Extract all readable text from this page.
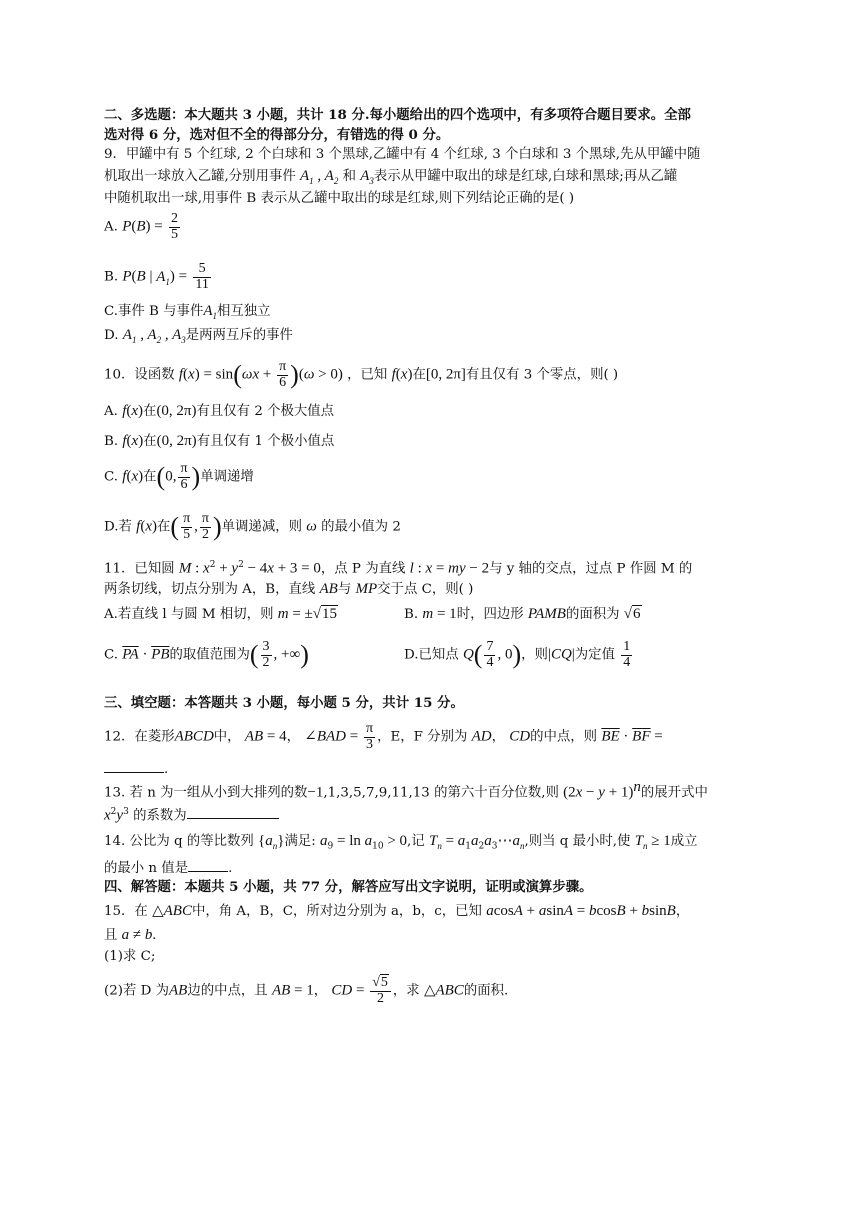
二、多选题：本大题共 3 小题，共计 18 分.每小题给出的四个选项中，有多项符合题目要求。全部
选对得 6 分，选对但不全的得部分分，有错选的得 0 分。
9．甲罐中有 5 个红球, 2 个白球和 3 个黑球,乙罐中有 4 个红球, 3 个白球和 3 个黑球,先从甲罐中随
机取出一球放入乙罐,分别用事件 $A_1$ , $A_2$ 和 $A_3$表示从甲罐中取出的球是红球,白球和黑球;再从乙罐
中随机取出一球,用事件 B 表示从乙罐中取出的球是红球,则下列结论正确的是( )
A. $P(B) = \frac{2}{5}$
B. P(B | $A_1) = \frac{5}{11}$
C.事件 B 与事件$A_1$相互独立
D. $A_1$ , $A_2$ , $A_3$是两两互斥的事件
10．设函数 $f(x) = \sin(\omega x + \frac{\pi}{6} )(\omega > 0)$ ，已知 f(x)在[0, 2π]有且仅有 3 个零点，则( )
A. f(x)在(0, 2π)有且仅有 2 个极大值点
B. f(x)在(0, 2π)有且仅有 1 个极小值点
C. f(x)在(0, $\frac{\pi}{6}$ )单调递增
D.若 f(x)在( $\frac{\pi}{5}$ , $\frac{\pi}{2}$ )单调递减，则 ω 的最小值为 2
11．已知圆 M : $x^2 + y^2 - 4x + 3 = 0$，点 P 为直线 l : x = my − 2与 y 轴的交点，过点 P 作圆 M 的
两条切线，切点分别为 A，B，直线 AB与 MP交于点 C，则( )
A.若直线 l 与圆 M 相切，则 m = ±√15	B. m = 1时，四边形 PAMB的面积为 √6
C. $\overline{PA} \cdot \overline{PB}$的取值范围为( $\frac{3}{2}$ , +∞)	D.已知点 $Q( \frac{7}{4}$ , 0)，则|CQ|为定值 $\frac{1}{4}$
三、填空题：本答题共 3 小题，每小题 5 分，共计 15 分。
12．在菱形ABCD中， AB = 4， ∠BAD = $\frac{\pi}{3}$ ，E，F 分别为 AD， CD的中点，则 $\overline{BE} \cdot \overline{BF}$ =
.
13. 若 n 为一组从小到大排列的数−1,1,3,5,7,9,11,13 的第六十百分位数,则 $(2x - y + 1)^n$的展开式中
$x^2y^3$ 的系数为
14. 公比为 q 的等比数列 $\{a_n\}$满足: $a_9 = \ln a_{10} > 0$,记 $T_n$ = $a_1a_2a_3\cdots a_n$,则当 q 最小时,使 $T_n \ge 1$成立
的最小 n 值是	.
四、解答题：本题共 5 小题，共 77 分，解答应写出文字说明，证明或演算步骤。
15．在 △ABC中，角 A，B，C，所对边分别为 a，b，c，已知 acosA + asinA = bcosB + bsinB，
且 a ≠ b.
(1)求 C;
(2)若 D 为AB边的中点，且 AB = 1， CD = $\frac{√5}{2}$ ，求 △ABC的面积.
